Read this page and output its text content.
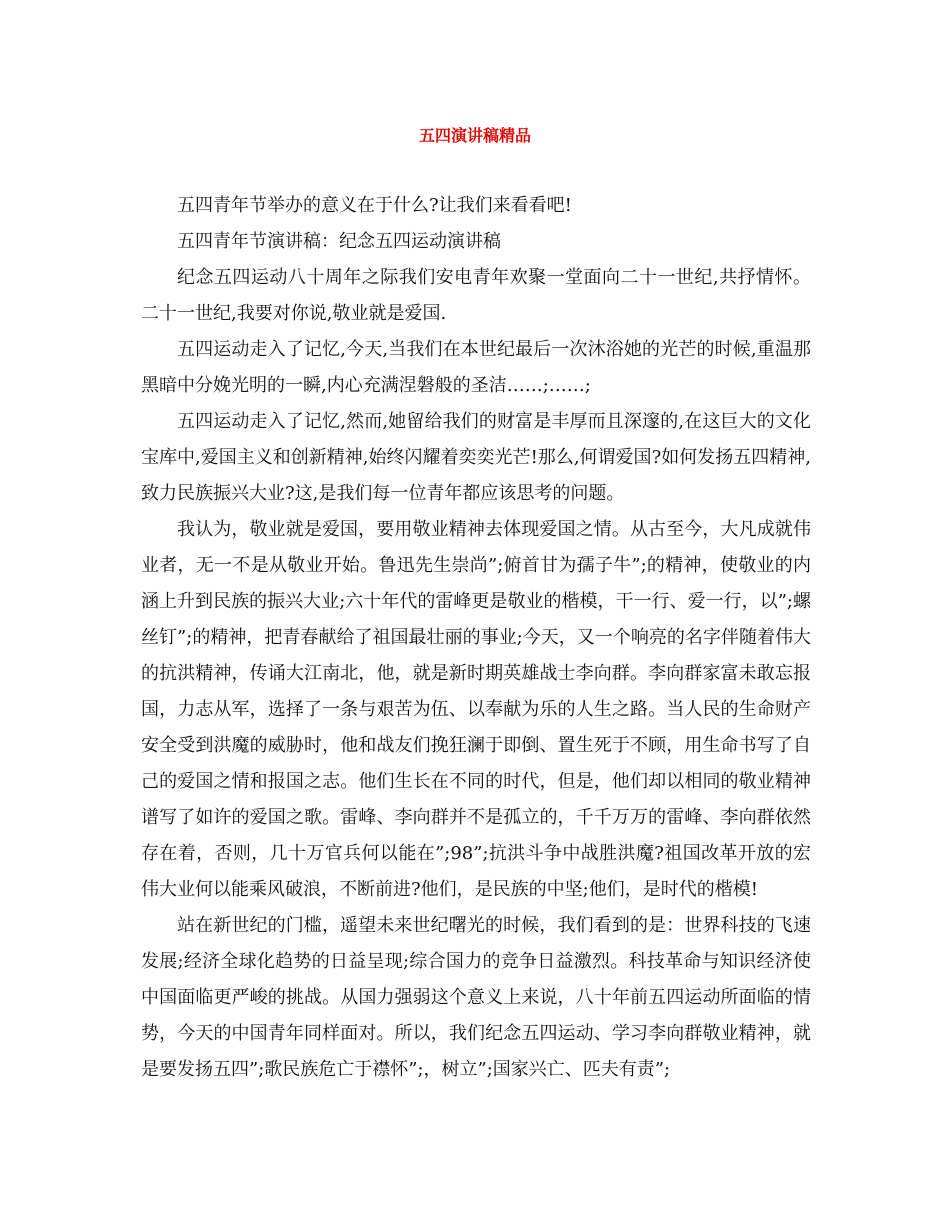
五四演讲稿精品

五四青年节举办的意义在于什么?让我们来看看吧!

五四青年节演讲稿：纪念五四运动演讲稿

纪念五四运动八十周年之际我们安电青年欢聚一堂面向二十一世纪,共抒情怀。二十一世纪,我要对你说,敬业就是爱国.

五四运动走入了记忆,今天,当我们在本世纪最后一次沐浴她的光芒的时候,重温那黑暗中分娩光明的一瞬,内心充满涅磐般的圣洁……;……;

五四运动走入了记忆,然而,她留给我们的财富是丰厚而且深邃的,在这巨大的文化宝库中,爱国主义和创新精神,始终闪耀着奕奕光芒!那么,何谓爱国?如何发扬五四精神,致力民族振兴大业?这,是我们每一位青年都应该思考的问题。

我认为，敬业就是爱国，要用敬业精神去体现爱国之情。从古至今，大凡成就伟业者，无一不是从敬业开始。鲁迅先生崇尚”;俯首甘为孺子牛”;的精神，使敬业的内涵上升到民族的振兴大业;六十年代的雷峰更是敬业的楷模，干一行、爱一行，以”;螺丝钉”;的精神，把青春献给了祖国最壮丽的事业;今天，又一个响亮的名字伴随着伟大的抗洪精神，传诵大江南北，他，就是新时期英雄战士李向群。李向群家富未敢忘报国，力志从军，选择了一条与艰苦为伍、以奉献为乐的人生之路。当人民的生命财产安全受到洪魔的威胁时，他和战友们挽狂澜于即倒、置生死于不顾，用生命书写了自己的爱国之情和报国之志。他们生长在不同的时代，但是，他们却以相同的敬业精神谱写了如许的爱国之歌。雷峰、李向群并不是孤立的，千千万万的雷峰、李向群依然存在着，否则，几十万官兵何以能在”;98”;抗洪斗争中战胜洪魔?祖国改革开放的宏伟大业何以能乘风破浪，不断前进?他们，是民族的中坚;他们，是时代的楷模!

站在新世纪的门槛，遥望未来世纪曙光的时候，我们看到的是：世界科技的飞速发展;经济全球化趋势的日益呈现;综合国力的竞争日益激烈。科技革命与知识经济使中国面临更严峻的挑战。从国力强弱这个意义上来说，八十年前五四运动所面临的情势，今天的中国青年同样面对。所以，我们纪念五四运动、学习李向群敬业精神，就是要发扬五四”;歌民族危亡于襟怀”;，树立”;国家兴亡、匹夫有责”;
